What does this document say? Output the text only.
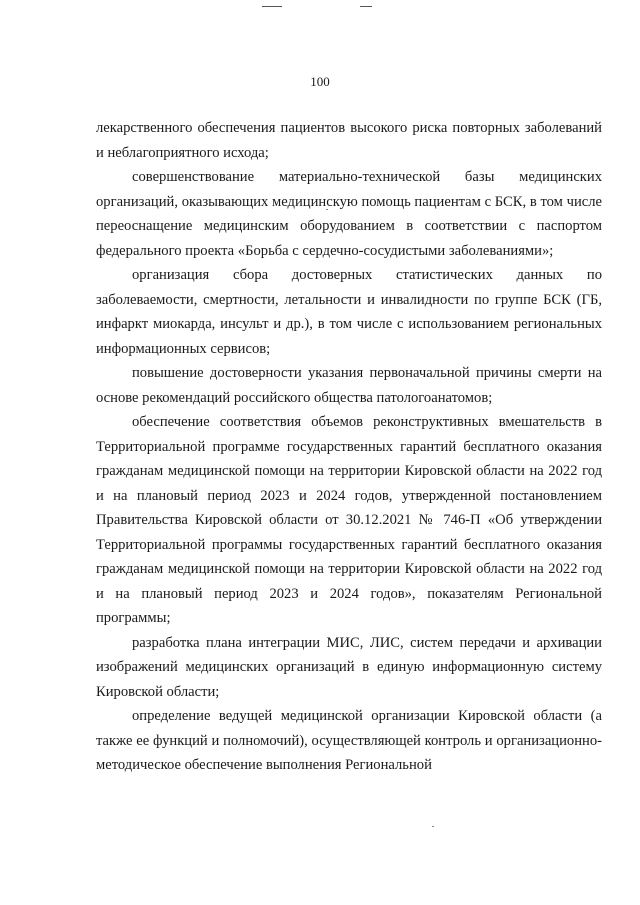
100

лекарственного обеспечения пациентов высокого риска повторных заболеваний и неблагоприятного исхода;

совершенствование материально-технической базы медицинских организаций, оказывающих медицинскую помощь пациентам с БСК, в том числе переоснащение медицинским оборудованием в соответствии с паспортом федерального проекта «Борьба с сердечно-сосудистыми заболеваниями»;

организация сбора достоверных статистических данных по заболеваемости, смертности, летальности и инвалидности по группе БСК (ГБ, инфаркт миокарда, инсульт и др.), в том числе с использованием региональных информационных сервисов;

повышение достоверности указания первоначальной причины смерти на основе рекомендаций российского общества патологоанатомов;

обеспечение соответствия объемов реконструктивных вмешательств в Территориальной программе государственных гарантий бесплатного оказания гражданам медицинской помощи на территории Кировской области на 2022 год и на плановый период 2023 и 2024 годов, утвержденной постановлением Правительства Кировской области от 30.12.2021 № 746-П «Об утверждении Территориальной программы государственных гарантий бесплатного оказания гражданам медицинской помощи на территории Кировской области на 2022 год и на плановый период 2023 и 2024 годов», показателям Региональной программы;

разработка плана интеграции МИС, ЛИС, систем передачи и архивации изображений медицинских организаций в единую информационную систему Кировской области;

определение ведущей медицинской организации Кировской области (а также ее функций и полномочий), осуществляющей контроль и организационно-методическое обеспечение выполнения Региональной
